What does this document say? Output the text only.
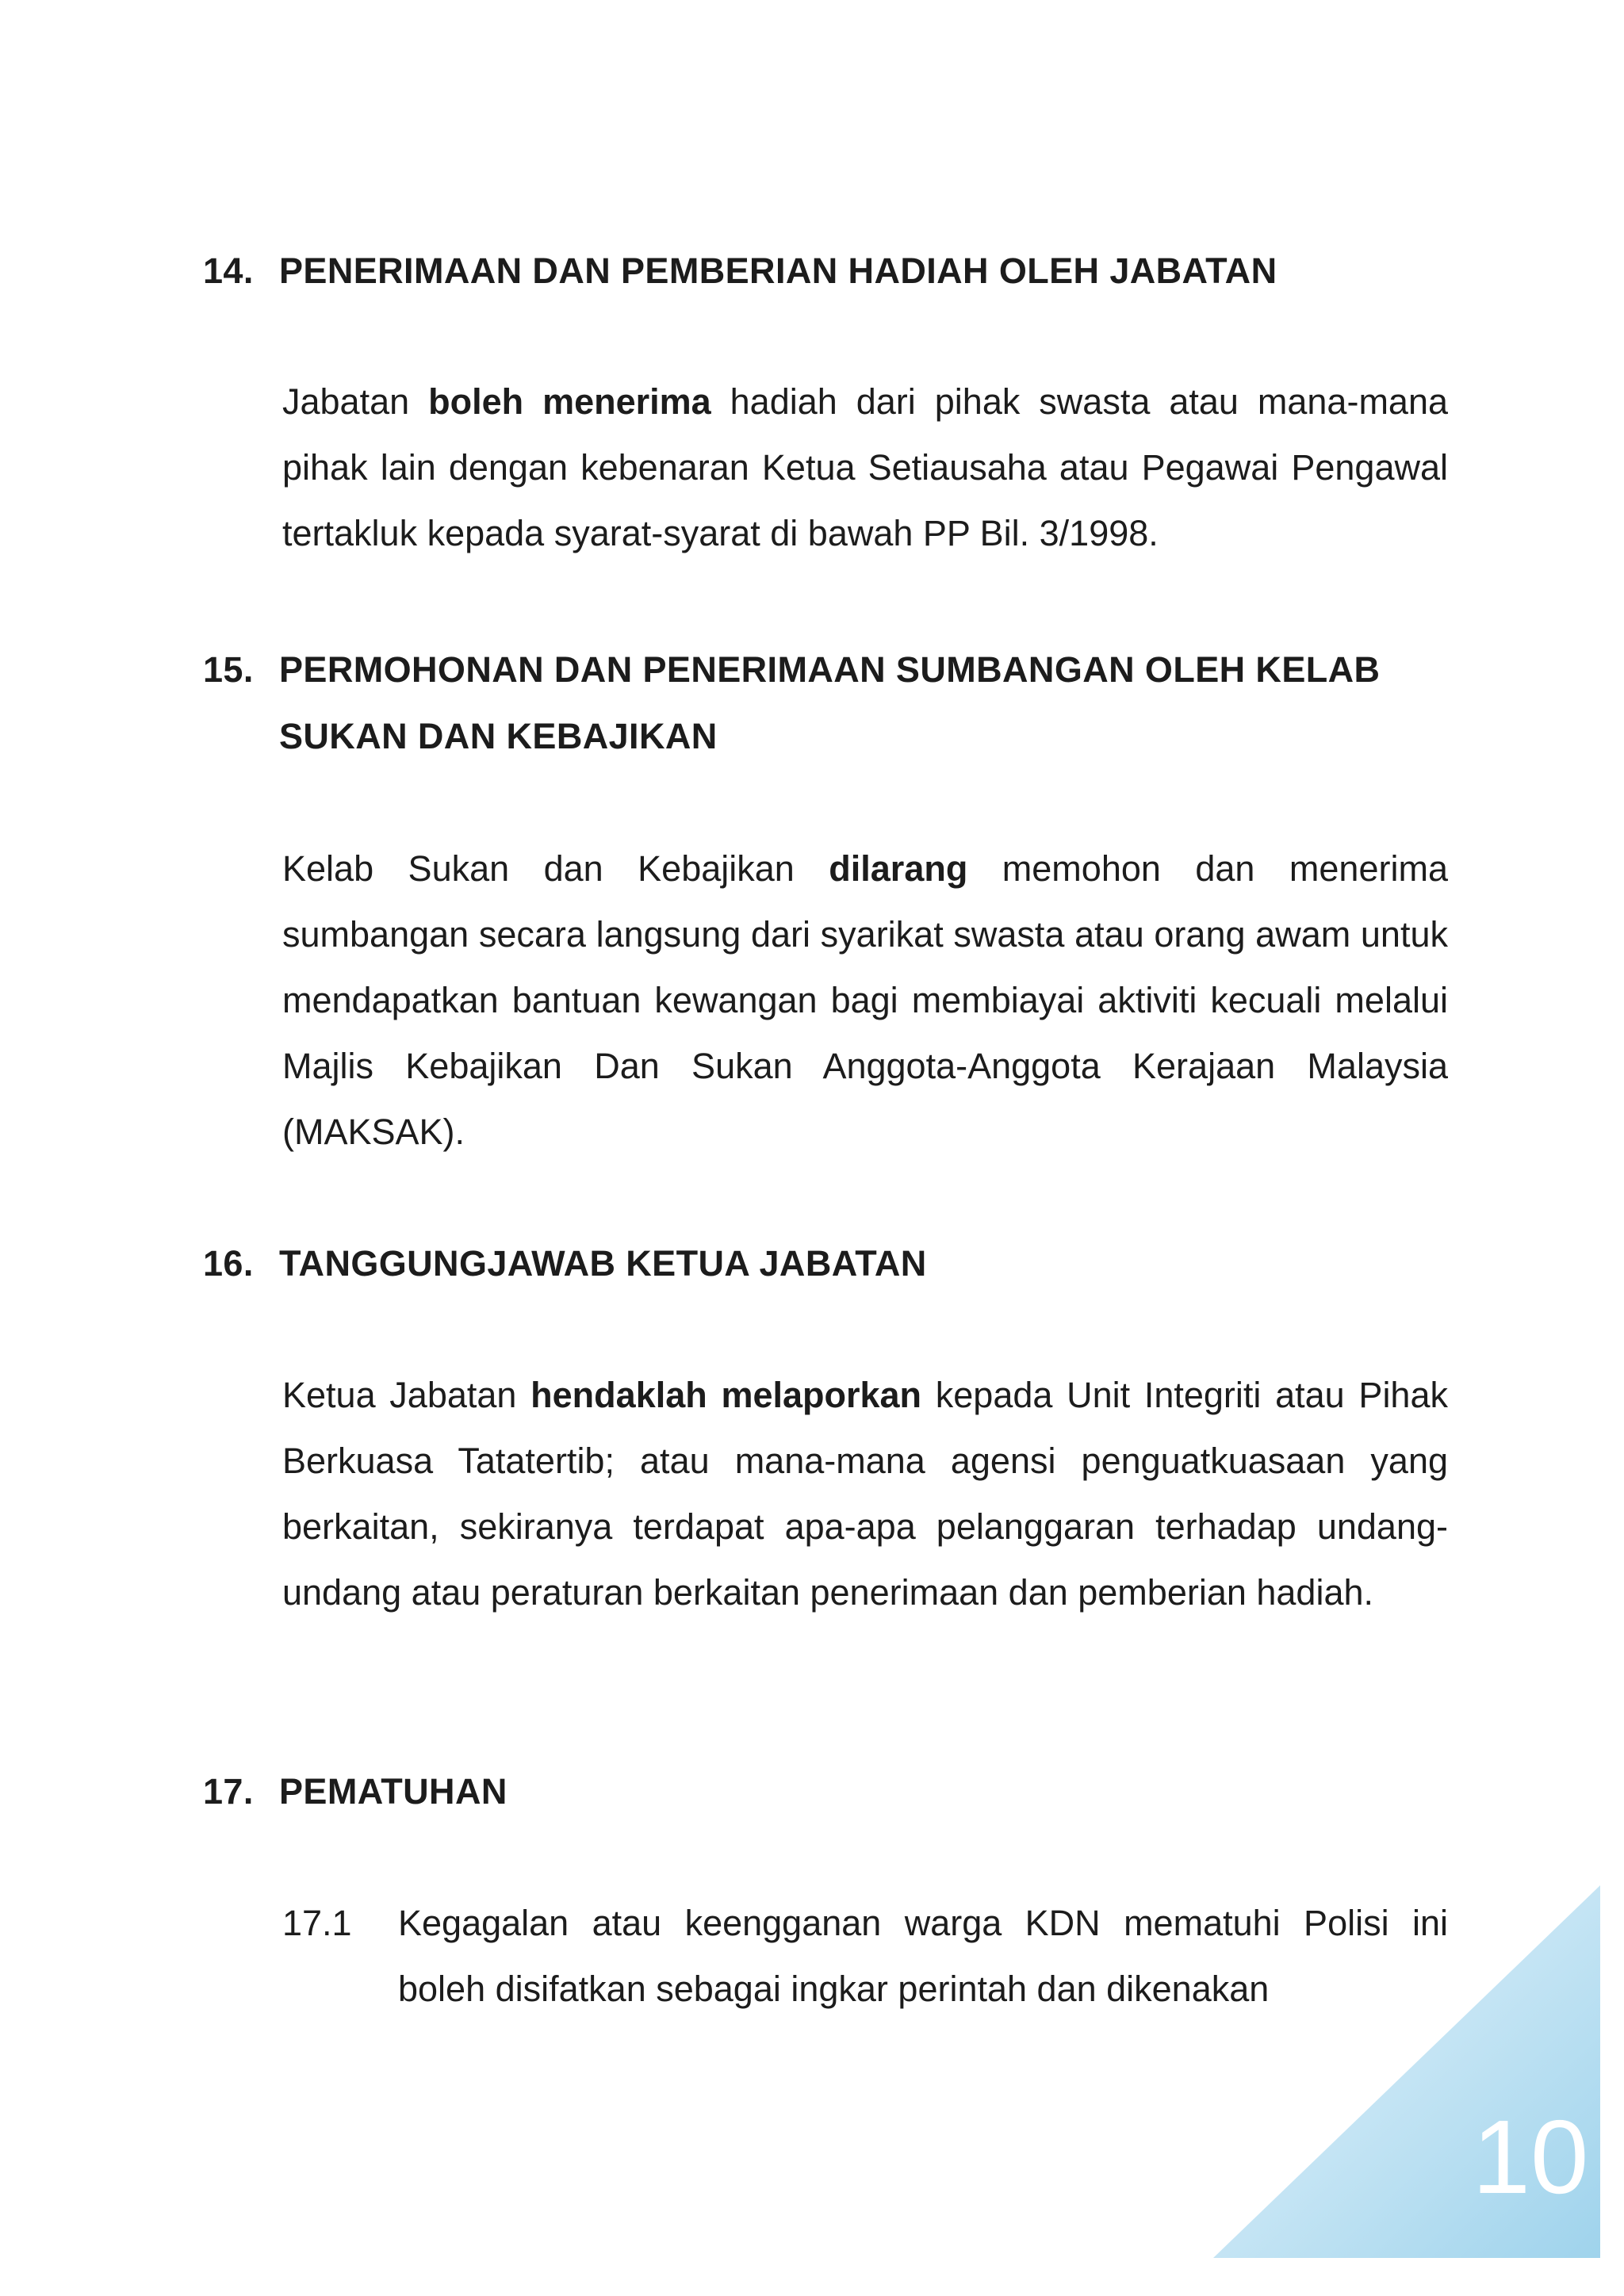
10
14. PENERIMAAN DAN PEMBERIAN HADIAH OLEH JABATAN

Jabatan boleh menerima hadiah dari pihak swasta atau mana-mana pihak lain dengan kebenaran Ketua Setiausaha atau Pegawai Pengawal tertakluk kepada syarat-syarat di bawah PP Bil. 3/1998.

15. PERMOHONAN DAN PENERIMAAN SUMBANGAN OLEH KELAB
SUKAN DAN KEBAJIKAN

Kelab Sukan dan Kebajikan dilarang memohon dan menerima sumbangan secara langsung dari syarikat swasta atau orang awam untuk mendapatkan bantuan kewangan bagi membiayai aktiviti kecuali melalui Majlis Kebajikan Dan Sukan Anggota-Anggota Kerajaan Malaysia (MAKSAK).

16. TANGGUNGJAWAB KETUA JABATAN

Ketua Jabatan hendaklah melaporkan kepada Unit Integriti atau Pihak Berkuasa Tatatertib; atau mana-mana agensi penguatkuasaan yang berkaitan, sekiranya terdapat apa-apa pelanggaran terhadap undang-undang atau peraturan berkaitan penerimaan dan pemberian hadiah.

17. PEMATUHAN
17.1	Kegagalan atau keengganan warga KDN mematuhi Polisi ini boleh disifatkan sebagai ingkar perintah dan dikenakan
